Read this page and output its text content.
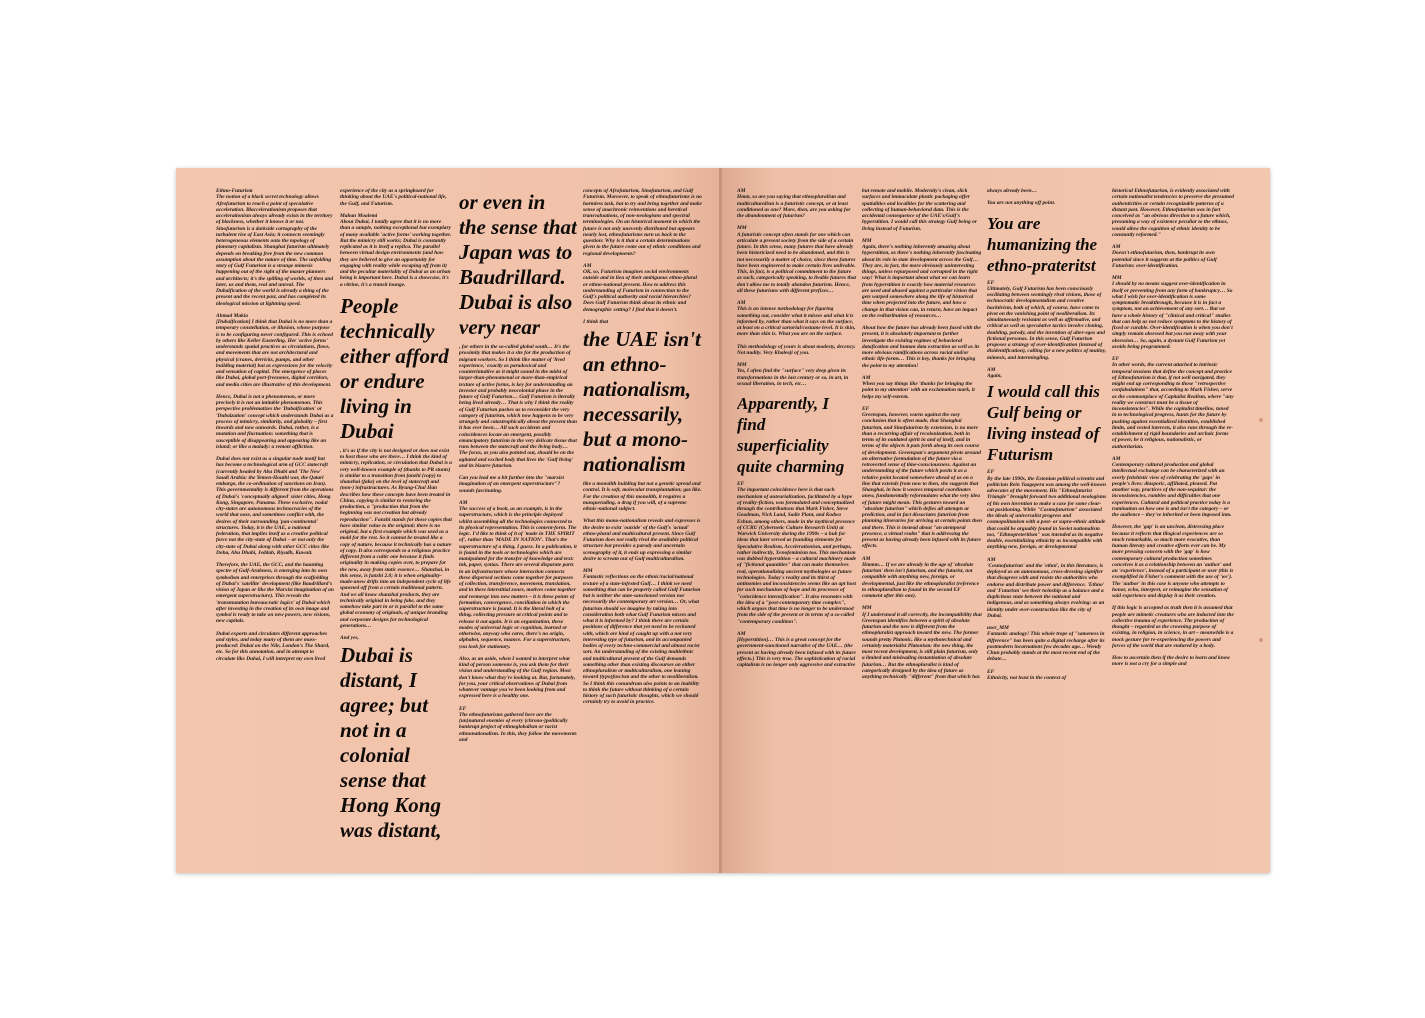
Ethno-Futurism

The notion of a black secret technology allows Afrofuturism to reach a point of speculative acceleration. Blaccelerationism proposes that accelerationism always already exists in the territory of blackness, whether it knows it or not. Sinofuturism is a darkside cartography of the turbulent rise of East Asia; it connects seemingly heterogeneous elements onto the topology of planetary capitalism. Shanghai futurism ultimately depends on breaking free from the new common assumption about the nature of time. The unfolding story of Gulf Futurism is a strange mimesis happening out of the sight of the master planners and architects; it's the spilling of worlds, of then and later, us and them, real and unreal. The Dubaification of the world is already a thing of the present and the recent past, and has completed its ideological mission at lightning speed.

Ahmad Makia

[Dubaification] I think that Dubai is no more than a temporary constellation, or illusion, whose purpose is to be configuring never configured. This is echoed by others like Keller Easterling. Her 'active forms' understands spatial practices as circulations, flows, and movements that are not architectural and physical (cranes, derricks, pumps, and other building material) but as expressions for the velocity and sensation of capital. The emergence of places like Dubai, global port-freezones, digital corridors, and media cities are illustrative of this development.

Hence, Dubai is not a phenomenon, or more precisely it is not an imitable phenomenon. This perspective problematizes the 'Dubaification' or 'Dubaization' concept which understands Dubai as a process of mimicry, similarity, and globality – first inwards and now outwards. Dubai, rather, is a mutation and fluctuation: something that is susceptible of disappearing and appearing like an island; or like a malady: a remote affliction.

Dubai does not exist as a singular node motif but has become a technological arm of GCC statecraft (currently headed by Abu Dhabi and 'The New' Saudi Arabia: the Yemen-Houthi war, the Qatari embargo, the co-ordination of sanctions on Iran). This governmentality is different from the operations of Dubai's 'conceptually aligned' sister cities, Hong Kong, Singapore, Panama. These exclusive, nodal city-states are autonomous technocracies of the world that ooze, and sometimes conflict with, the desires of their surrounding 'pan-continental' structures. Today, it is the UAE, a national federation, that implies itself as a creative political force not the city-state of Dubai – or not only the city-state of Dubai along with other GCC cities like Doha, Abu Dhabi, Jeddah, Riyadh, Kuwait.

Therefore, the UAE, the GCC, and the haunting spectre of Gulf-Arabness, is emerging into its own symbolism and enterprises through the scaffolding of Dubai's 'satellite' development (like Baudrillard's vision of Japan or like the Marxist imagination of an emergent superstructure). This reveals the 'transmutation bureaucratic logics' of Dubai which after investing in the creation of its own image and symbol is ready to take on new powers, new visions, new capitals.

Dubai exports and circulates different approaches and styles, and today many of them are mass-produced: Dubai on the Nile, London's The Shard, etc. So for this annotation, and in attempt to circulate like Dubai, I will interpret my own lived

experience of the city as a springboard for thinking about the UAE's political-national life, the Gulf, and Futurism.

Mahan Moalemi

About Dubai, I totally agree that it is no more than a sample, nothing exceptional but exemplary of many available 'active forms' working together. But the mimicry still works; Dubai is constantly replicated as it is itself a replica. The parallel between virtual design environments (and how they are believed to give an opportunity for engaging with reality while escaping off from it) and the peculiar materiality of Dubai as an urban being is important here. Dubai is a showcase, it's a vitrine, it's a transit lounge.

People technically either afford or endure living in Dubai

, it's as if the city is not designed or does not exist to host those who are there… I think the kind of mimicry, replication, or circulation that Dubai is a very well-known example of (thanks to PR stunts) is similar to a transition from fanzhi (copy) to shanzhai (fake) on the level of statecraft and (non-) infrastructures. As Byung-Chul Han describes how these concepts have been treated in China, copying is similar to restoring the production, a "production that from the beginning was not creation but already reproduction". Fanzhi stands for those copies that have similar value to the original; there is no original, but a first example which was used as a mold for the rest. So it cannot be treated like a copy of nature, because it technically has a nature of copy. It also corresponds to a religious practice different from a cultic one because it finds originality in making copies over, to prepare for the new, away from static essence… Shanzhai, in this sense, is fanzhi 2.0; it is when originality-made-anew drifts into an independent cycle of life spawned off from a certain traditional pattern. And we all know shanzhai products, they are technically original in being fake, and they somehow take part in or is parallel to the same global economy of originals, of unique branding and corporate designs for technological generations…

And yes,

Dubai is distant, I agree; but not in a colonial sense that Hong Kong was distant,

or even in the sense that Japan was to Baudrillard. Dubai is also very near

, for others in the so-called global south… It's the proximity that makes it a site for the production of migrant workers. So I think like matter of 'lived experience,' exactly as paradoxical and counterintuitive as it might sound in the midst of larger-than-phenomenal or more-than-empirical texture of active forms, is key for understanding an investor and probably neocolonial phase in the future of Gulf Futurism… Gulf Futurism is literally being lived already… That is why I think the reality of Gulf Futurism pushes us to reconsider the very category of futurism, which now happens to be very strangely and catastrophically about the present than it has ever been… All such accidents and coincidences locate an emergent, possibly emancipatory futurism in the very delicate tissue that runs between the statecraft and the living body… The focus, as you also pointed out, should be on the agitated and excited body that lives the 'Gulf living' and its bizarre futurism.

Can you lead me a bit further into the "marxist imagination of an emergent superstructure"? sounds fascinating.

AM

The success of a book, as an example, is in the superstructure, which is the principle deployed whilst assembling all the technologies connected to its physical representation. This is content-form. The logic. I'd like to think of it of 'made in THE SPIRIT of', rather than 'MADE IN NATION'. That's the superstructure of a thing, I guess. In a publication, it is found in the tools or technologies which are manipulated for the transfer of knowledge and text: ink, paper, syntax. There are several disparate parts in an infrastructure whose interaction connects these dispersed sections come together for purposes of collection, transference, movement, translation, and in these interstitial zones, motives come together and reemerge into new matters – it is these points of formation, convergence, conciliation in which the superstructure is found. It is the literal bolt of a thing, collecting pressure at critical points and to release it out again. It is an organization, these modes of universal logic or cognition, learned or otherwise, anyway who cares, there's no origin, alphabet, sequence, nuance. For a superstructure, you look for stationary.

Also, as an aside, when I wanted to interpret what kind of person someone is, you ask them for their vision and understanding of the Gulf region. Most don't know what they're looking at. But, fortunately, for you, your critical observations of Dubai from whatever vantage you've been looking from and expressed here is a healthy one.

EF

The ethnofuturisms gathered here are the (un)natural enemies of every (chrono-)politically bankrupt project of ethnoglobalism or racist ethnonationalism. In this, they follow the movements and

concepts of Afrofuturism, Sinofuturism, and Gulf Futurism. Moreover, to speak of ethnofuturisms is no harmless task, but to try and bring together and make sense of anachronic reinventions and heretical transvaluations, of non-neologisms and spectral terminologies. On an historical moment in which the future is not only unevenly distributed but appears nearly lost, ethnofuturisms turn us back to the question: Why is it that a certain determinations given to the future come out of ethnic conditions and regional developments?

AM

OK, so, Futurism imagines social environments outside and in lieu of their ambiguous ethno-plural or ethno-national present. How to address this understanding of Futurism in connection to the Gulf's political authority and racial hierarchies? Does Gulf Futurism think about its ethnic and demographic setting? I find that it doesn't.

I think that

the UAE isn't an ethno-nationalism, necessarily, but a mono-nationalism

like a monolith building but not a genetic spread and control. It is soft, molecular transplantation; gas like. For the creation of this monolith, it requires a masquerading, a drag if you will, of a supreme ethnic-national subject.

What this mono-nationalism reveals and expresses is the desire to exist 'outside' of the Gulf's 'actual' ethno-plural and multicultural present. Since Gulf Futurism does not really rival the available political structure but provides a parody and uncertain scenography of it, it ends up expressing a similar desire to scream out of Gulf multiculturalism.

MM

Fantastic reflections on the ethnic/racial/national texture of a state-infested Gulf… I think we need something that can be properly called Gulf Futurism but is neither the state-sanctioned version nor necessarily the contemporary art version… Or, what futurism should we imagine by taking into consideration both what Gulf Futurism misses and what it is informed by? I think there are certain positions of difference that yet need to be reckoned with, which are kind of caught up with a not very interesting type of futurism, and its accompanied bodies of every techno-commercial and almost racist sort. An understanding of the existing multiethnic and multicultural present of the Gulf demands something other than existing discourses on either ethnopluralism or multiculturalism, one leaning toward (typo)fascism and the other to neoliberalism. So I think this conundrum also points to an inability to think the future without thinking of a certain history of such futuristic thoughts, which we should certainly try to avoid in practice.

AM

Hmm, so are you saying that ethnopluralism and multiculturalism is a futuristic concept, or at least conditioned as one? More, then, are you asking for the abandonment of futurism?

MM

A futuristic concept often stands for one which can articulate a present society from the side of a certain future. In this sense, many futures that have already been historicized need to be abandoned, and this is not necessarily a matter of choice, since these futures have been engineered to make certain lives unlivable. This, in fact, is a political commitment to the future as such, categorically speaking, to livable futures that don't allow me to totally abandon futurism. Hence, all these futurisms with different prefixes…

AM

This is an intense methodology for figuring something out, consider what it misses and what it is informed by, rather than what it says on the surface, at least on a critical sartorial/costume level. It is skin, more than skin is. What you are on the surface.

This methodology of yours is about modesty, decency. Not nudity. Very Khaleeji of you.

MM

Yes, I often find the "surface" very deep given its transformations in the last century or so, in art, in sexual liberation, in tech, etc…

Apparently, I find superficiality quite charming

EF

The important coincidence here is that such mechanism of auteurialization, facilitated by a hype of reality-fiction, was formulated and conceptualized through the contributions that Mark Fisher, Steve Goodman, Nick Land, Sadie Plant, and Kodwo Eshun, among others, made in the mythical presence of CCRU (Cybernetic Culture Research Unit) at Warwick University during the 1990s – a hub for ideas that later served as founding elements for Speculative Realism, Accelerationism, and perhaps, rather indirectly, Xenofeminism too. This mechanism was dubbed hyperstition – a cultural machinery made of "fictional quantities" that can make themselves real, operationalizing ancient mythologies as future technologies. Today's reality and its thirst of antinomies and inconsistencies seems like an apt host for such mechanism of hope and its processes of "coincidence intensification". It also resonates with the idea of a "post-contemporary time complex", which argues that time is no longer to be understood from the side of the present or in terms of a so-called "contemporary condition".

AM

[Hyperstition]… This is a great concept for the government-sanctioned narrative of the UAE… (the present as having already been infused with its future effects.) This is very true. The sophistication of racial capitalism is no longer only aggressive and extractive

but remote and mobile. Modernity's clean, slick surfaces and immaculate plastic packaging offer spatialities and localities for the scattering and collecting of human-behavioral data. This is the accidental consequence of the UAE's/Gulf's hyperstition. I would call this strategy Gulf being or living instead of Futurism.

MM

Again, there's nothing inherently amazing about hyperstition, as there's nothing inherently fascinating about its role in state development across the Gulf… They are, in fact, the more obviously uninteresting things, unless repurposed and corrupted in the right way! What is important about what we can learn from hyperstition is exactly how material resources are used and abused against a particular vision that gets warped somewhere along the life of historical time when projected into the future, and how a change in that vision can, in return, have an impact on the redistribution of resources…

About how the future has already been fused with the present, it is absolutely important to further investigate the existing regimes of behavioral datafication and human data extraction as well as its more obvious ramifications across racial and/or ethnic life-forms… This is key, thanks for bringing the point to my attention!

AM

When you say things like 'thanks for bringing the point to my attention' with an exclamation mark, it helps my self-esteem.

EF

Greenspan, however, warns against the easy conclusion that is often made, that Shanghai futurism, and Sinofuturism by extension, is no more than a recurring affair of recolonization, both in terms of its outdated spirit in and of itself, and in terms of the objects it puts forth along its own course of development. Greenspan's argument pivots around an alternative formulation of the future via a retroverted sense of time-consciousness. Against an understanding of the future which posits it as a relative point located somewhere ahead of us on a line that extends from now to then, she suggests that Shanghai, in how it weaves temporal coordinates anew, fundamentally reformulates what the very idea of future might mean. This gestures toward an "absolute futurism" which defies all attempts at prediction, and in fact dissociates futurism from planning itineraries for arriving at certain points then and there. This is instead about "an atemporal presence, a virtual realm" that is addressing the present as having already been infused with its future effects.

AM

Hmmm… If we are already in the age of 'absolute futurism' then isn't futurism, and the futurist, not compatible with anything new, foreign, or developmental, just like the ethnopluralist (reference to ethnopluralism to found in the second EF comment after this one).

MM

If I understood it all correctly, the incompatibility that Greenspan identifies between a spirit of absolute futurism and the new is different from the ethnopluralist approach toward the new. The former sounds pretty Platonic, like a mythotechnical and certainly materialist Platonism: the new thing, the most recent development, is still plain futurism, only a limited and misleading instantiation of absolute futurism… But the ethnopluralist is kind of categorically designed by the idea of future as anything technically "different" from that which has

always already been…

You are not anything off point.

You are humanizing the ethno-prateritst

EF

Ultimately, Gulf Futurism has been consciously oscillating between seemingly rival visions, those of technocratic developmentalism and creative hacktivism, both of which, of course, have come to pivot on the vanishing point of neoliberalism. Its simultaneously resistant as well as affirmative, and critical as well as speculative tactics involve cloning, doubling, parody, and the invention of alter-egos and fictional personas. In this sense, Gulf Futurism proposes a strategy of over-identification (instead of disidentification), calling for a new politics of mutiny, mimesis, and intermingling.

AM

Again,

I would call this Gulf being or living instead of Futurism

EF

By the late 1990s, the Estonian political scientist and politician Rein Taagepera was among the well-known advocates of the movement. His "Ethnofuturist Triangle" brought forward two additional neologisms of his own invention to make a case for some clear-cut positioning. While "Cosmofuturism" associated the ideals of universalist progress and cosmopolitanism with a post- or supra-ethnic attitude that could be arguably found in Soviet nationalism too, "Ethnopreteritism" was intended as its negative double, essentializing ethnicity as incompatible with anything new, foreign, or developmental

AM

'Cosmofuturism' and the 'ethni', in this literature, is deployed as an autonomous, cross-dressing signifier that disagrees with and resists the authorities who endorse and distribute power and difference. 'Ethno' and 'Futurism' see their twinship as a balance and a duplicitous state between the national and indigenous, and as something always evolving: as an identity under over-construction like the city of Dubai.

user_MM

Fantastic analogy! This whole trope of "sameness in difference" has been quite a digital recharge after its postmodern incarnations few decades ago… Wendy Chun probably stands at the most recent end of the debate…

EF

Ethnicity, not least in the context of

historical Ethnofuturism, is evidently associated with certain nationalist tendencies to preserve the presumed authenticities or certain recognizable patterns of a distant past. However, Ethnofuturism was in fact conceived as "an obvious direction to a future which, presuming a way of existence peculiar to the ethnos, would allow the cognition of ethnic identity to be constantly reformed."

AM

Doesn't ethnofuturism, then, bankrupt its own potential since it suggests at the politics of Gulf Futurism: over-identification.

MM

I should by no means suggest over-identification in itself or preventing from any form of bankruptcy… So what I wish for over-identification is some symptomatic breakthrough, because it is in fact a symptom, not an achievement of any sort… But we have a whole history of "clinical and critical" studies that can help us not reduce symptoms to the history of fixed or curable. Over-identification is when you don't simply remain obsessed but you run away with your obsession… So, again, a dystant Gulf Futurism yet avoids being programmed.

EF

In other words, the current attached to intrinsic temporal tensions that define the concept and practice of Ethnofuturism is that, if not well navigated, they might end up corresponding to those "retrospective confabulations" that, according to Mark Fisher, serve as the commonplace of Capitalist Realism, where "any reality we construct must be a tissue of inconsistencies". While the capitalist timeline, tuned in to technological progress, hunts for the future by pushing against essentialized identities, established limits, and vested interests, it also runs through the re-establishment of rigid boundaries and archaic forms of power, be it religious, nationalistic, or authoritarian.

AM

Contemporary cultural production and global intellectual exchange can be characterized with an overly fetishistic view of celebrating the 'gaps' in people's lives: diasporic, affiliated, pleased. Put another way, practices of the non-sequitur: the inconsistencies, rumbles and difficulties that one experiences. Cultural and political practice today is a rumination on how one is and isn't the category – or the audience – they've inherited or been imposed into.

However, the 'gap' is an unclean, distressing place because it reflects that illogical experiences are so much remarkable, so much more evocative, than human literary and creative efforts ever can be. My more pressing concern with the 'gap' is how contemporary cultural production sometimes conceives it as a relationship between an 'author' and an 'experience', instead of a participant or user (this is exemplified in Fisher's comment with the use of 'we'). The 'author' in this case is anyone who attempts to honor, echo, interpret, or reimagine the sensation of said experience and display it as their creation.

If this logic is accepted as truth then it is assumed that people are mimetic creatures who are inducted into the collective trauma of experience. The production of thought – regarded as the crowning purpose of existing, in religion, in science, in art – meanwhile is a mock gesture for re-experiencing the powers and forces of the world that are endured by a body.

How to ascertain then if the desire to learn and know more is not a cry for a simple and
